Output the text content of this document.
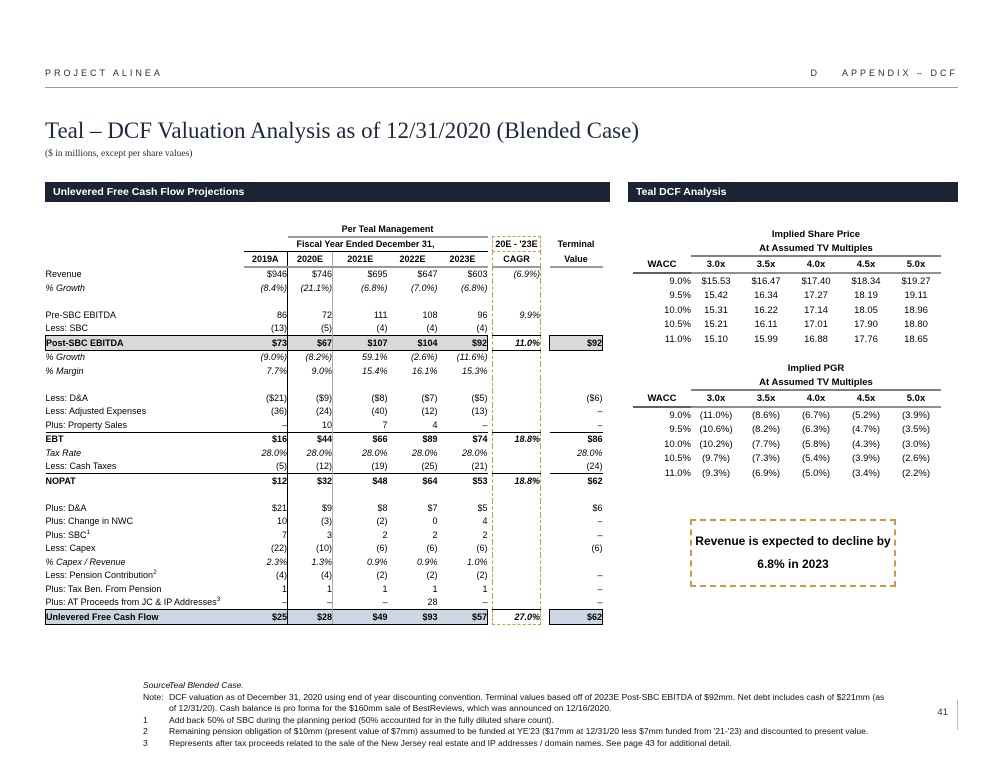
PROJECT ALINEA	D APPENDIX – DCF
Teal – DCF Valuation Analysis as of 12/31/2020 (Blended Case)
($ in millions, except per share values)
Unlevered Free Cash Flow Projections	Teal DCF Analysis
		Per Teal Management							
	Fiscal Year Ended December 31,						20E - '23E		Terminal
	2019A	2020E	2021E	2022E	2023E		CAGR		Value
Revenue	$946	$746	$695	$647	$603		(6.9%)		
% Growth	(8.4%)	(21.1%)	(6.8%)	(7.0%)	(6.8%)				

Pre-SBC EBITDA	86	72	111	108	96		9.9%		
Less: SBC	(13)	(5)	(4)	(4)	(4)				
Post-SBC EBITDA	$73	$67	$107	$104	$92		11.0%		$92
% Growth	(9.0%)	(8.2%)	59.1%	(2.6%)	(11.6%)				
% Margin	7.7%	9.0%	15.4%	16.1%	15.3%				

Less: D&A	($21)	($9)	($8)	($7)	($5)				($6)
Less: Adjusted Expenses	(36)	(24)	(40)	(12)	(13)				–
Plus: Property Sales	–	10	7	4	–				–
EBT	$16	$44	$66	$89	$74		18.8%		$86
Tax Rate	28.0%	28.0%	28.0%	28.0%	28.0%				28.0%
Less: Cash Taxes	(5)	(12)	(19)	(25)	(21)				(24)
NOPAT	$12	$32	$48	$64	$53		18.8%		$62

Plus: D&A	$21	$9	$8	$7	$5				$6
Plus: Change in NWC	10	(3)	(2)	0	4				–
Plus: SBC$^1$	7	3	2	2	2				–
Less: Capex	(22)	(10)	(6)	(6)	(6)				(6)
% Capex / Revenue	2.3%	1.3%	0.9%	0.9%	1.0%				
Less: Pension Contribution$^2$	(4)	(4)	(2)	(2)	(2)				–
Plus: Tax Ben. From Pension	1	1	1	1	1				–
Plus: AT Proceeds from JC & IP Addresses$^3$	–	–	–	28	–				–
Unlevered Free Cash Flow	$25	$28	$49	$93	$57		27.0%		$62
	Implied Share Price				
	At Assumed TV Multiples				
WACC	3.0x	3.5x	4.0x	4.5x	5.0x
9.0%	$15.53	$16.47	$17.40	$18.34	$19.27
9.5%	15.42	16.34	17.27	18.19	19.11
10.0%	15.31	16.22	17.14	18.05	18.96
10.5%	15.21	16.11	17.01	17.90	18.80
11.0%	15.10	15.99	16.88	17.76	18.65
	Implied PGR				
	At Assumed TV Multiples				
WACC	3.0x	3.5x	4.0x	4.5x	5.0x
9.0%	(11.0%)	(8.6%)	(6.7%)	(5.2%)	(3.9%)
9.5%	(10.6%)	(8.2%)	(6.3%)	(4.7%)	(3.5%)
10.0%	(10.2%)	(7.7%)	(5.8%)	(4.3%)	(3.0%)
10.5%	(9.7%)	(7.3%)	(5.4%)	(3.9%)	(2.6%)
11.0%	(9.3%)	(6.9%)	(5.0%)	(3.4%)	(2.2%)
Revenue is expected to decline by
6.8% in 2023
Source:
Teal Blended Case.
Note: DCF valuation as of December 31, 2020 using end of year discounting convention. Terminal values based off of 2023E Post-SBC EBITDA of $92mm. Net debt includes cash of $221mm (as of 12/31/20). Cash balance is pro forma for the $160mm sale of BestReviews, which was announced on 12/16/2020.
1	Add back 50% of SBC during the planning period (50% accounted for in the fully diluted share count).
2	Remaining pension obligation of $10mm (present value of $7mm) assumed to be funded at YE'23 ($17mm at 12/31/20 less $7mm funded from '21-'23) and discounted to present value.
3	Represents after tax proceeds related to the sale of the New Jersey real estate and IP addresses / domain names. See page 43 for additional detail.
41
